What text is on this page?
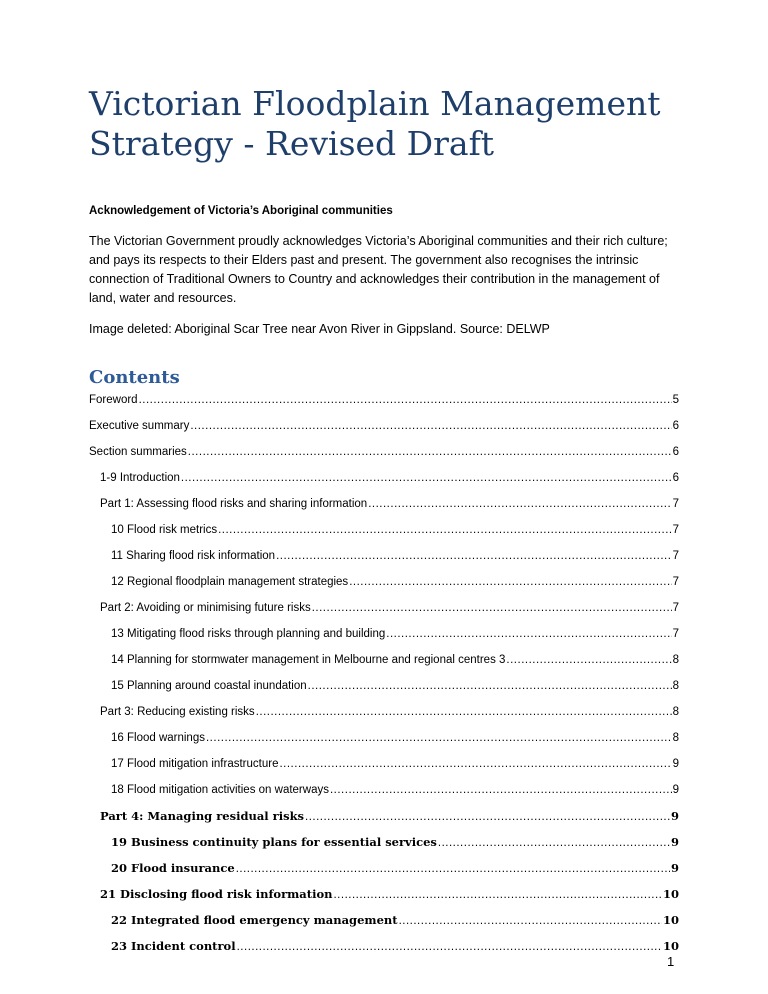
Victorian Floodplain Management Strategy - Revised Draft

Acknowledgement of Victoria’s Aboriginal communities

The Victorian Government proudly acknowledges Victoria’s Aboriginal communities and their rich culture; and pays its respects to their Elders past and present. The government also recognises the intrinsic connection of Traditional Owners to Country and acknowledges their contribution in the management of land, water and resources.

Image deleted: Aboriginal Scar Tree near Avon River in Gippsland. Source: DELWP

Contents
Foreword .....	5
Executive summary .....	6
Section summaries .....	6
1-9 Introduction .....	6
Part 1: Assessing flood risks and sharing information .....	7
10 Flood risk metrics .....	7
11 Sharing flood risk information .....	7
12 Regional floodplain management strategies .....	7
Part 2: Avoiding or minimising future risks .....	7
13 Mitigating flood risks through planning and building .....	7
14 Planning for stormwater management in Melbourne and regional centres 3 .....	8
15 Planning around coastal inundation .....	8
Part 3: Reducing existing risks .....	8
16 Flood warnings .....	8
17 Flood mitigation infrastructure .....	9
18 Flood mitigation activities on waterways .....	9
Part 4: Managing residual risks .....	9
19 Business continuity plans for essential services .....	9
20 Flood insurance .....	9
21 Disclosing flood risk information .....	10
22 Integrated flood emergency management .....	10
23 Incident control .....	10

1
